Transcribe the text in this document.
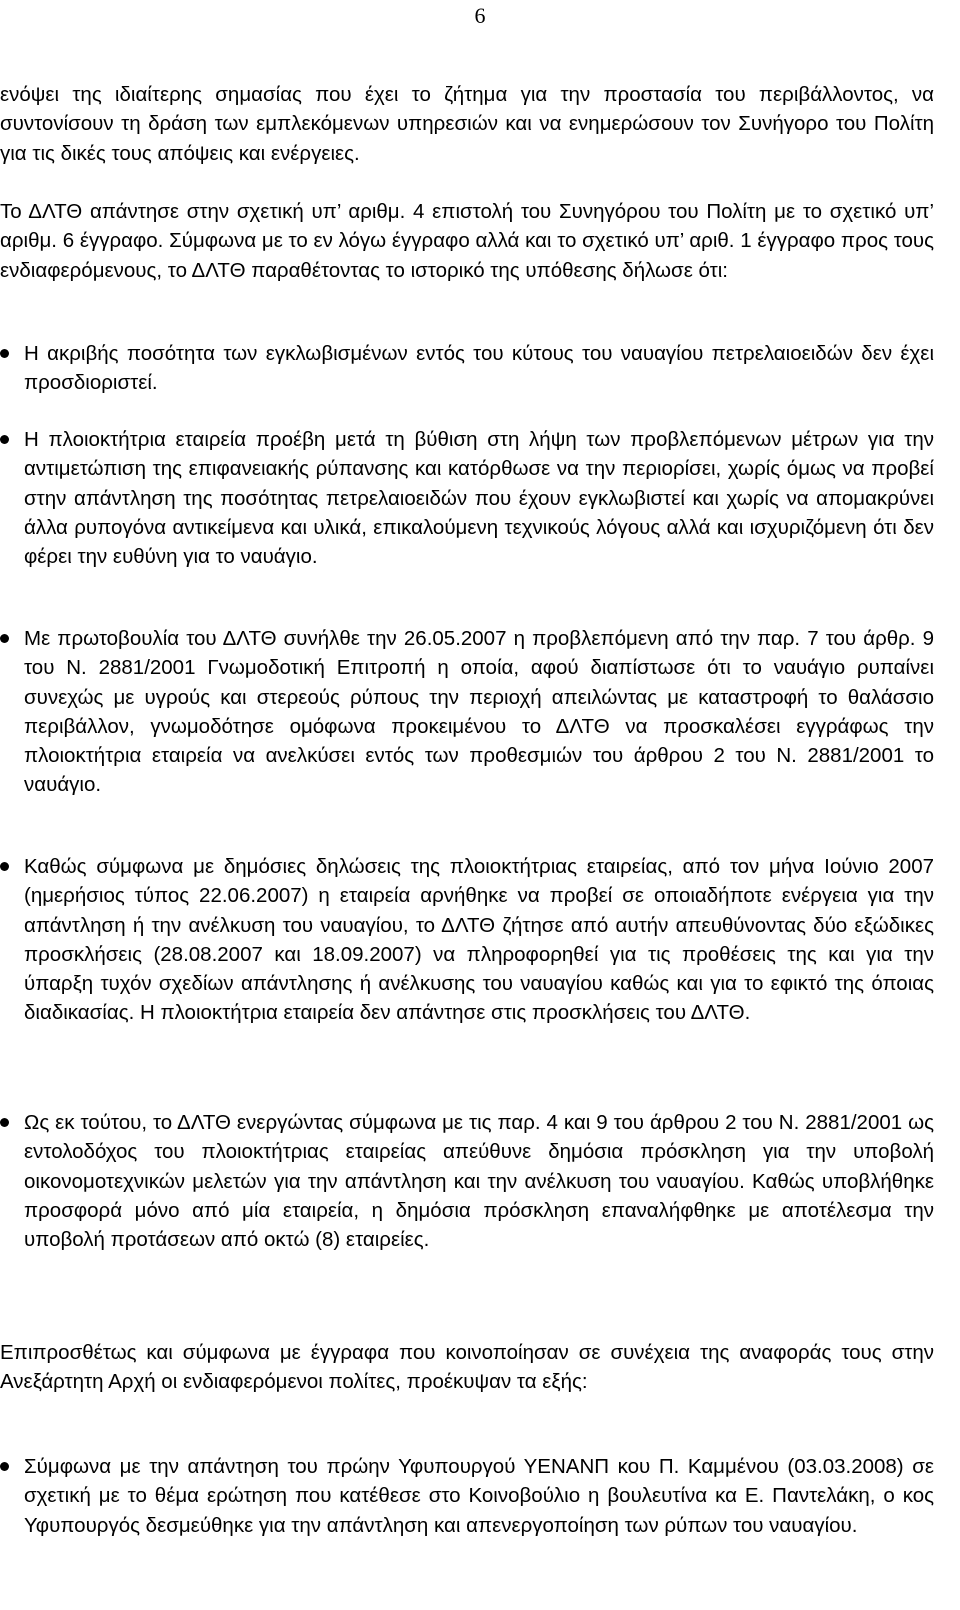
6

ενόψει της ιδιαίτερης σημασίας που έχει το ζήτημα για την προστασία του περιβάλλοντος, να συντονίσουν τη δράση των εμπλεκόμενων υπηρεσιών και να ενημερώσουν τον Συνήγορο του Πολίτη για τις δικές τους απόψεις και ενέργειες.

Το ΔΛΤΘ απάντησε στην σχετική υπ’ αριθμ. 4 επιστολή του Συνηγόρου του Πολίτη με το σχετικό υπ’ αριθμ. 6 έγγραφο. Σύμφωνα με το εν λόγω έγγραφο αλλά και το σχετικό υπ’ αριθ. 1 έγγραφο προς τους ενδιαφερόμενους, το ΔΛΤΘ παραθέτοντας το ιστορικό της υπόθεσης δήλωσε ότι:

Η ακριβής ποσότητα των εγκλωβισμένων εντός του κύτους του ναυαγίου πετρελαιοειδών δεν έχει προσδιοριστεί.

Η πλοιοκτήτρια εταιρεία προέβη μετά τη βύθιση στη λήψη των προβλεπόμενων μέτρων για την αντιμετώπιση της επιφανειακής ρύπανσης και κατόρθωσε να την περιορίσει, χωρίς όμως να προβεί στην απάντληση της ποσότητας πετρελαιοειδών που έχουν εγκλωβιστεί και χωρίς να απομακρύνει άλλα ρυπογόνα αντικείμενα και υλικά, επικαλούμενη τεχνικούς λόγους αλλά και ισχυριζόμενη ότι δεν φέρει την ευθύνη για το ναυάγιο.

Με πρωτοβουλία του ΔΛΤΘ συνήλθε την 26.05.2007 η προβλεπόμενη από την παρ. 7 του άρθρ. 9 του Ν. 2881/2001 Γνωμοδοτική Επιτροπή η οποία, αφού διαπίστωσε ότι το ναυάγιο ρυπαίνει συνεχώς με υγρούς και στερεούς ρύπους την περιοχή απειλώντας με καταστροφή το θαλάσσιο περιβάλλον, γνωμοδότησε ομόφωνα προκειμένου το ΔΛΤΘ να προσκαλέσει εγγράφως την πλοιοκτήτρια εταιρεία να ανελκύσει εντός των προθεσμιών του άρθρου 2 του Ν. 2881/2001 το ναυάγιο.

Καθώς σύμφωνα με δημόσιες δηλώσεις της πλοιοκτήτριας εταιρείας, από τον μήνα Ιούνιο 2007 (ημερήσιος τύπος 22.06.2007) η εταιρεία αρνήθηκε να προβεί σε οποιαδήποτε ενέργεια για την απάντληση ή την ανέλκυση του ναυαγίου, το ΔΛΤΘ ζήτησε από αυτήν απευθύνοντας δύο εξώδικες προσκλήσεις (28.08.2007 και 18.09.2007) να πληροφορηθεί για τις προθέσεις της και για την ύπαρξη τυχόν σχεδίων απάντλησης ή ανέλκυσης του ναυαγίου καθώς και για το εφικτό της όποιας διαδικασίας. Η πλοιοκτήτρια εταιρεία δεν απάντησε στις προσκλήσεις του ΔΛΤΘ.

Ως εκ τούτου, το ΔΛΤΘ ενεργώντας σύμφωνα με τις παρ. 4 και 9 του άρθρου 2 του Ν. 2881/2001 ως εντολοδόχος του πλοιοκτήτριας εταιρείας απεύθυνε δημόσια πρόσκληση για την υποβολή οικονομοτεχνικών μελετών για την απάντληση και την ανέλκυση του ναυαγίου. Καθώς υποβλήθηκε προσφορά μόνο από μία εταιρεία, η δημόσια πρόσκληση επαναλήφθηκε με αποτέλεσμα την υποβολή προτάσεων από οκτώ (8) εταιρείες.

Επιπροσθέτως και σύμφωνα με έγγραφα που κοινοποίησαν σε συνέχεια της αναφοράς τους στην Ανεξάρτητη Αρχή οι ενδιαφερόμενοι πολίτες, προέκυψαν τα εξής:

Σύμφωνα με την απάντηση του πρώην Υφυπουργού ΥΕΝΑΝΠ κου Π. Καμμένου (03.03.2008) σε σχετική με το θέμα ερώτηση που κατέθεσε στο Κοινοβούλιο η βουλευτίνα κα Ε. Παντελάκη, ο κος Υφυπουργός δεσμεύθηκε για την απάντληση και απενεργοποίηση των ρύπων του ναυαγίου.
